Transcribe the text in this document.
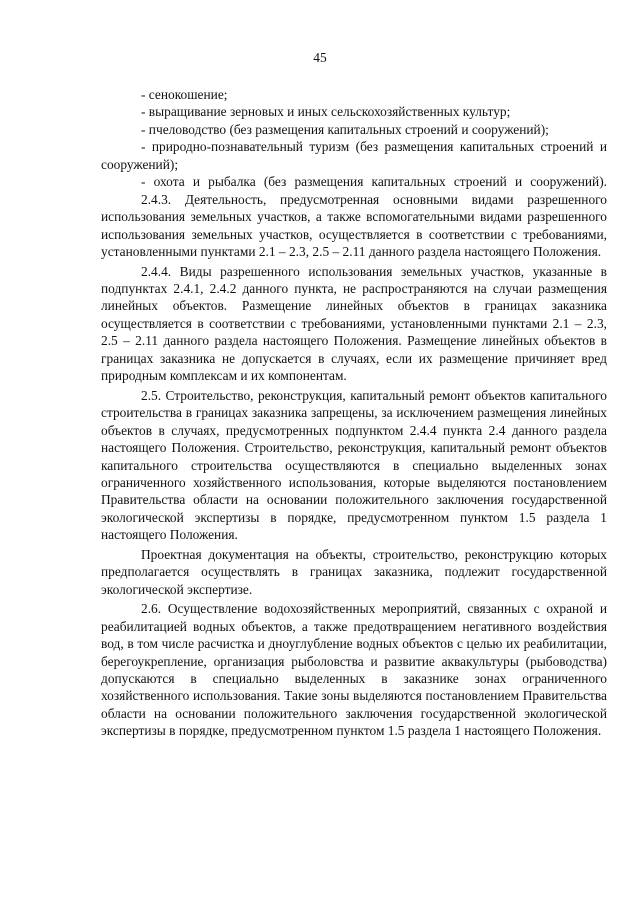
45

- сенокошение;

- выращивание зерновых и иных сельскохозяйственных культур;

- пчеловодство (без размещения капитальных строений и сооружений);

- природно-познавательный туризм (без размещения капитальных строений и сооружений);

- охота и рыбалка (без размещения капитальных строений и сооружений).

2.4.3. Деятельность, предусмотренная основными видами разрешенного использования земельных участков, а также вспомогательными видами разрешенного использования земельных участков, осуществляется в соответствии с требованиями, установленными пунктами 2.1 – 2.3, 2.5 – 2.11 данного раздела настоящего Положения.

2.4.4. Виды разрешенного использования земельных участков, указанные в подпунктах 2.4.1, 2.4.2 данного пункта, не распространяются на случаи размещения линейных объектов. Размещение линейных объектов в границах заказника осуществляется в соответствии с требованиями, установленными пунктами 2.1 – 2.3, 2.5 – 2.11 данного раздела настоящего Положения. Размещение линейных объектов в границах заказника не допускается в случаях, если их размещение причиняет вред природным комплексам и их компонентам.

2.5. Строительство, реконструкция, капитальный ремонт объектов капитального строительства в границах заказника запрещены, за исключением размещения линейных объектов в случаях, предусмотренных подпунктом 2.4.4 пункта 2.4 данного раздела настоящего Положения. Строительство, реконструкция, капитальный ремонт объектов капитального строительства осуществляются в специально выделенных зонах ограниченного хозяйственного использования, которые выделяются постановлением Правительства области на основании положительного заключения государственной экологической экспертизы в порядке, предусмотренном пунктом 1.5 раздела 1 настоящего Положения.

Проектная документация на объекты, строительство, реконструкцию которых предполагается осуществлять в границах заказника, подлежит государственной экологической экспертизе.

2.6. Осуществление водохозяйственных мероприятий, связанных с охраной и реабилитацией водных объектов, а также предотвращением негативного воздействия вод, в том числе расчистка и дноуглубление водных объектов с целью их реабилитации, берегоукрепление, организация рыболовства и развитие аквакультуры (рыбоводства) допускаются в специально выделенных в заказнике зонах ограниченного хозяйственного использования. Такие зоны выделяются постановлением Правительства области на основании положительного заключения государственной экологической экспертизы в порядке, предусмотренном пунктом 1.5 раздела 1 настоящего Положения.
